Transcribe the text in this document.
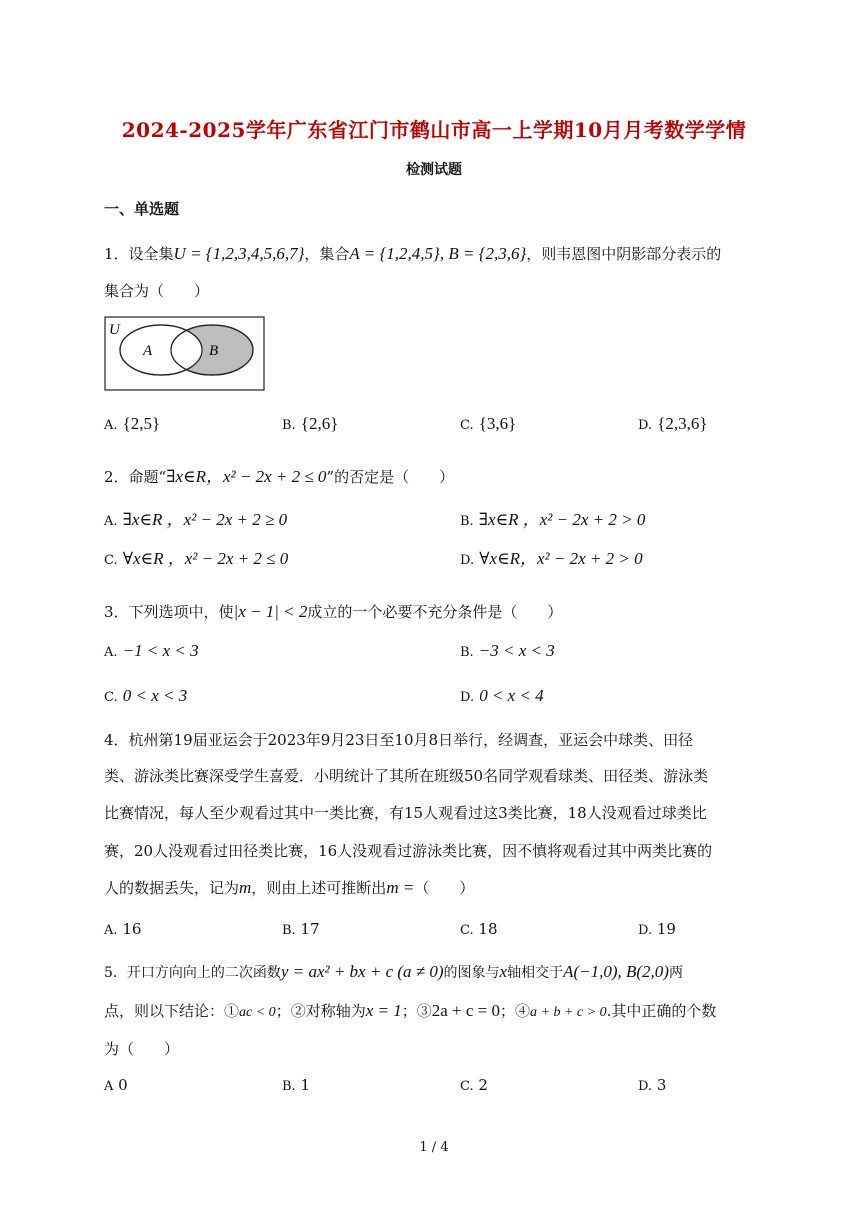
2024-2025学年广东省江门市鹤山市高一上学期10月月考数学学情
检测试题
一、单选题
1．设全集U = {1,2,3,4,5,6,7}，集合A = {1,2,4,5}, B = {2,3,6}，则韦恩图中阴影部分表示的
集合为（　　）
U
A	B
A. {2,5}	B. {2,6}	C. {3,6}	D. {2,3,6}
2．命题“∃x∈R，x² − 2x + 2 ≤ 0”的否定是（　　）
A. ∃x∈R ，x² − 2x + 2 ≥ 0	B. ∃x∈R ，x² − 2x + 2 > 0
C. ∀x∈R ，x² − 2x + 2 ≤ 0	D. ∀x∈R，x² − 2x + 2 > 0
3．下列选项中，使|x − 1| < 2成立的一个必要不充分条件是（　　）
A. −1 < x < 3	B. −3 < x < 3
C. 0 < x < 3	D. 0 < x < 4
4．杭州第19届亚运会于2023年9月23日至10月8日举行，经调查，亚运会中球类、田径
类、游泳类比赛深受学生喜爱．小明统计了其所在班级50名同学观看球类、田径类、游泳类
比赛情况，每人至少观看过其中一类比赛，有15人观看过这3类比赛，18人没观看过球类比
赛，20人没观看过田径类比赛，16人没观看过游泳类比赛，因不慎将观看过其中两类比赛的
人的数据丢失，记为m，则由上述可推断出m =（　　）
A. 16	B. 17	C. 18	D. 19
5．开口方向向上的二次函数y = ax² + bx + c (a ≠ 0)的图象与x轴相交于A(−1,0), B(2,0)两
点，则以下结论：①ac < 0；②对称轴为x = 1；③2a + c = 0；④a + b + c > 0.其中正确的个数
为（　　）
A 0	B. 1	C. 2	D. 3
1 / 4
